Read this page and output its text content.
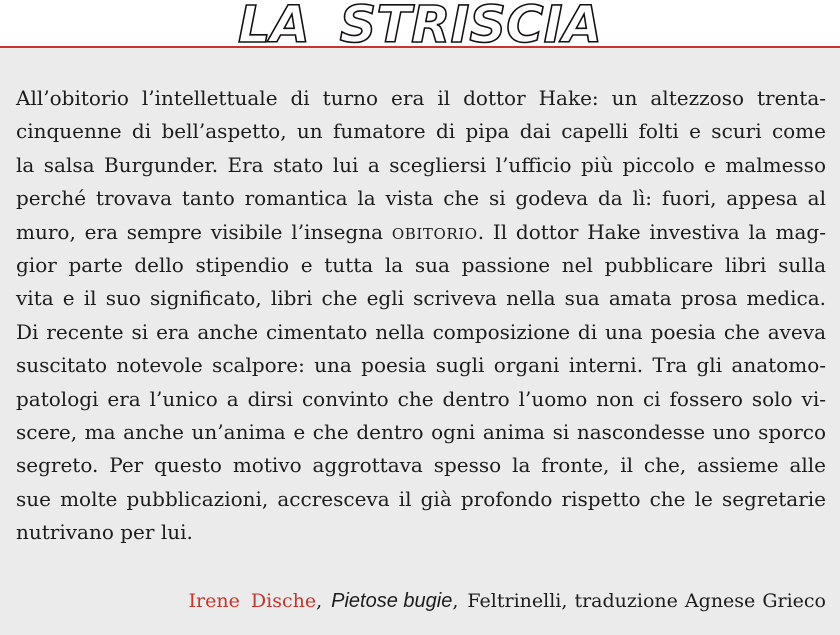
LA STRISCIA
All’obitorio l’intellettuale di turno era il dottor Hake: un altezzoso trenta-
cinquenne di bell’aspetto, un fumatore di pipa dai capelli folti e scuri come
la salsa Burgunder. Era stato lui a scegliersi l’ufficio più piccolo e malmesso
perché trovava tanto romantica la vista che si godeva da lì: fuori, appesa al
muro, era sempre visibile l’insegna OBITORIO. Il dottor Hake investiva la mag-
gior parte dello stipendio e tutta la sua passione nel pubblicare libri sulla
vita e il suo significato, libri che egli scriveva nella sua amata prosa medica.
Di recente si era anche cimentato nella composizione di una poesia che aveva
suscitato notevole scalpore: una poesia sugli organi interni. Tra gli anatomo-
patologi era l’unico a dirsi convinto che dentro l’uomo non ci fossero solo vi-
scere, ma anche un’anima e che dentro ogni anima si nascondesse uno sporco
segreto. Per questo motivo aggrottava spesso la fronte, il che, assieme alle
sue molte pubblicazioni, accresceva il già profondo rispetto che le segretarie
nutrivano per lui.

Irene Dische, Pietose bugie, Feltrinelli, traduzione Agnese Grieco
